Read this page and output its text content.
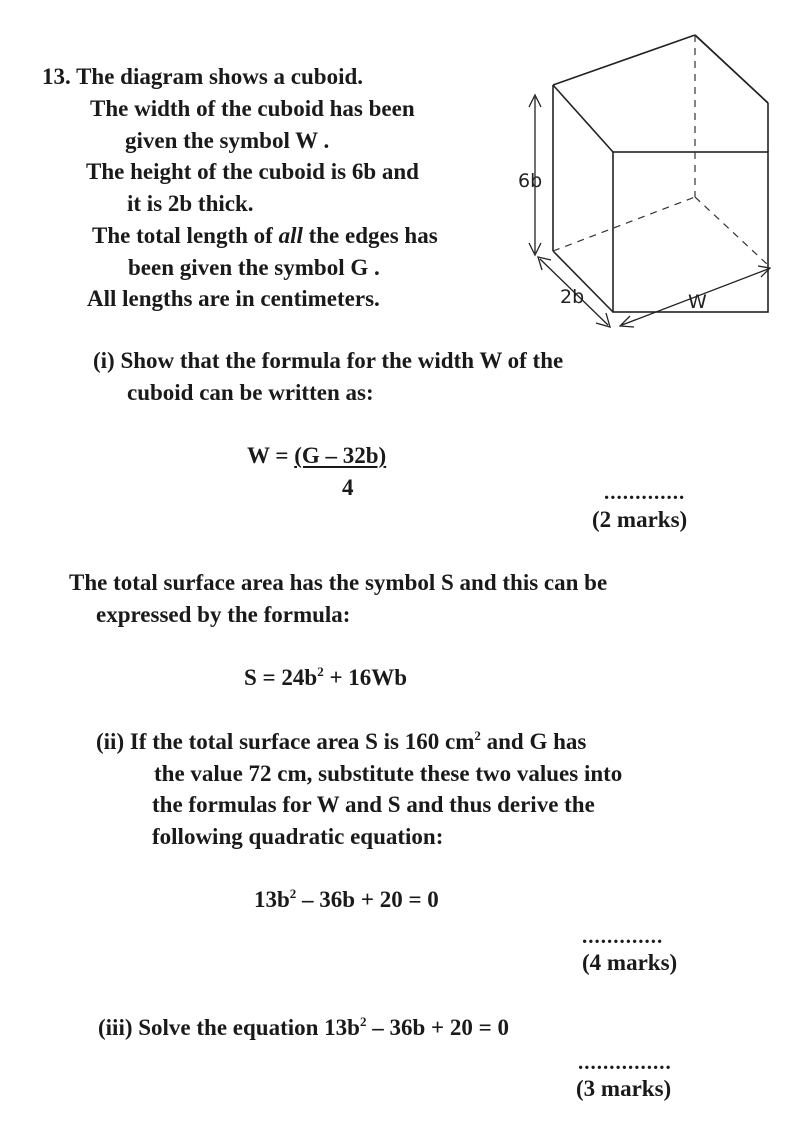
13. The diagram shows a cuboid.
The width of the cuboid has been
given the symbol W .
The height of the cuboid is 6b and
it is 2b thick.
The total length of all the edges has
been given the symbol G .
All lengths are in centimeters.
6b
2b	W
(i) Show that the formula for the width W of the
cuboid can be written as:
W = (G – 32b)
4	.............
(2 marks)
The total surface area has the symbol S and this can be
expressed by the formula:
$S = 24b^2 + 16Wb$
(ii) If the total surface area S is 160 $cm^2$ and G has
the value 72 cm, substitute these two values into
the formulas for W and S and thus derive the
following quadratic equation:
$13b^2 - 36b + 20 = 0$
.............
(4 marks)
(iii) Solve the equation $13b^2 - 36b + 20 = 0$
...............
(3 marks)
